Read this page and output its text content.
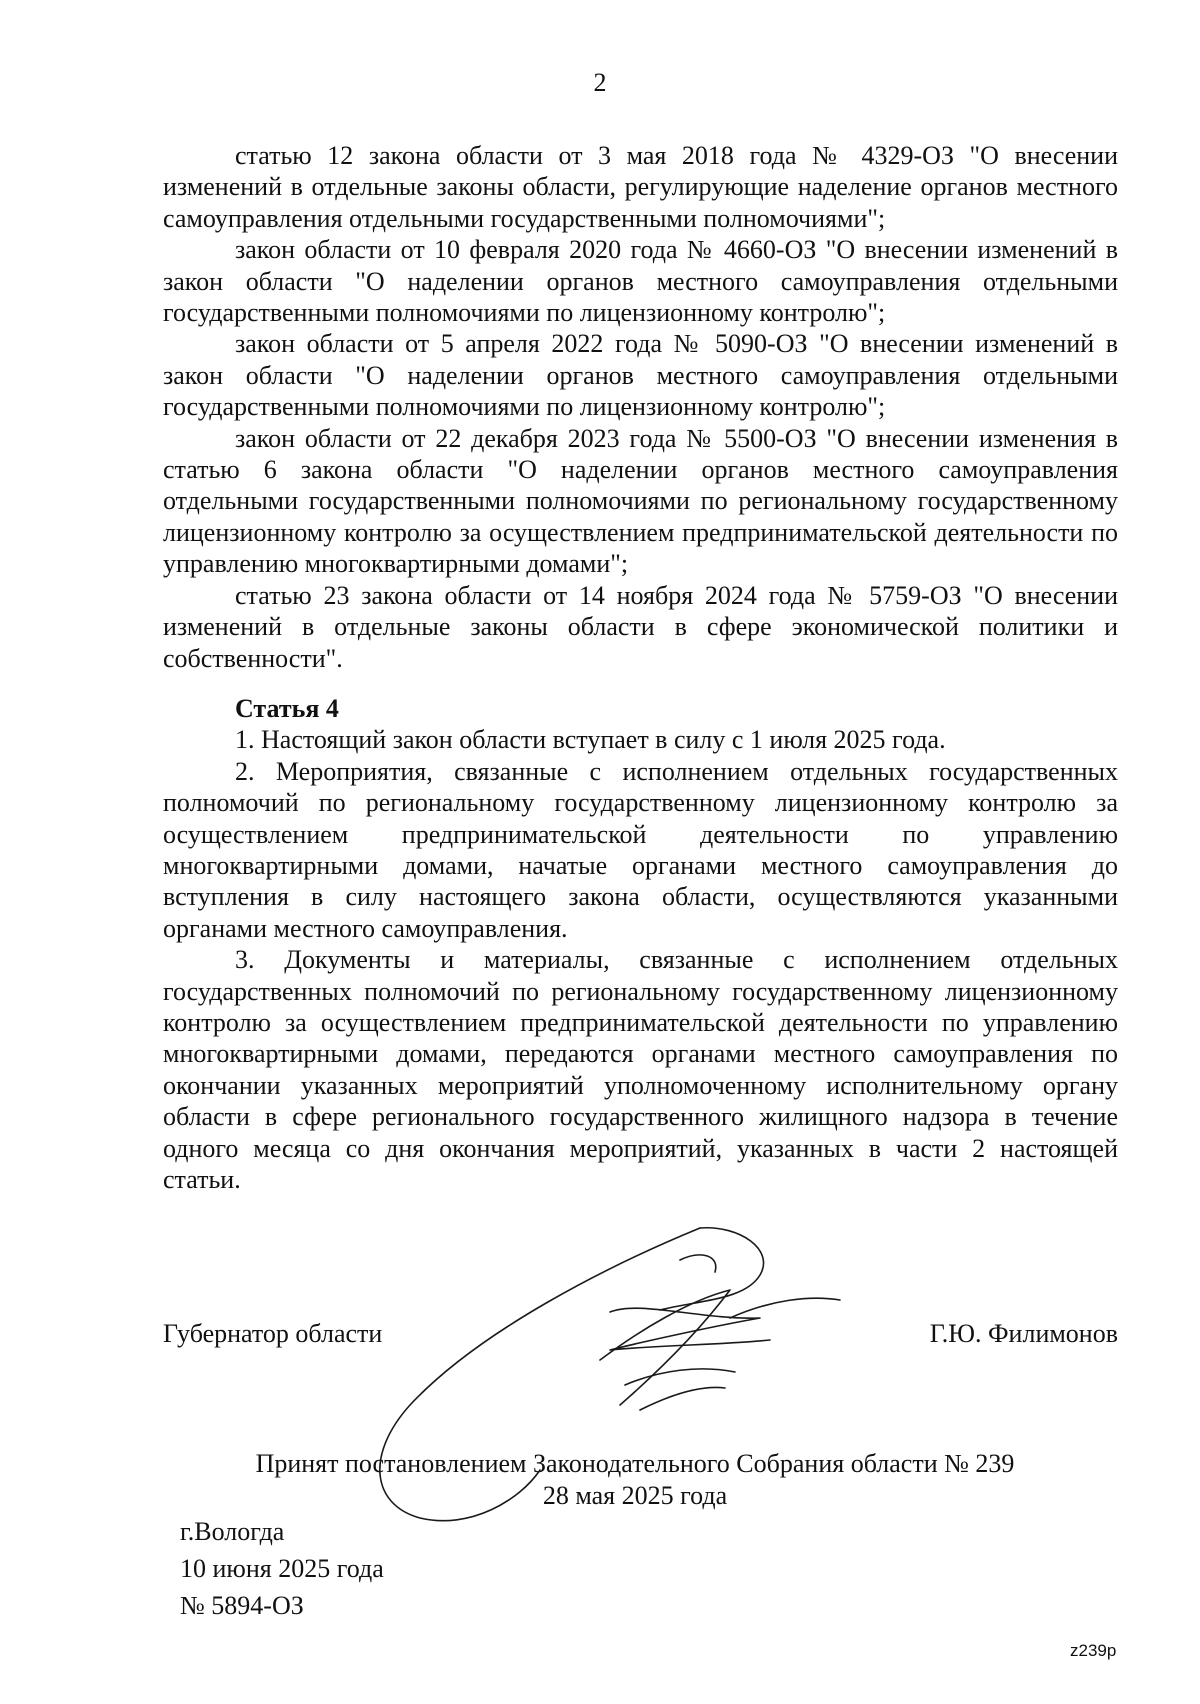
2

статью 12 закона области от 3 мая 2018 года № 4329-ОЗ "О внесении изменений в отдельные законы области, регулирующие наделение органов местного самоуправления отдельными государственными полномочиями";

закон области от 10 февраля 2020 года № 4660-ОЗ "О внесении изменений в закон области "О наделении органов местного самоуправления отдельными государственными полномочиями по лицензионному контролю";

закон области от 5 апреля 2022 года № 5090-ОЗ "О внесении изменений в закон области "О наделении органов местного самоуправления отдельными государственными полномочиями по лицензионному контролю";

закон области от 22 декабря 2023 года № 5500-ОЗ "О внесении изменения в статью 6 закона области "О наделении органов местного самоуправления отдельными государственными полномочиями по региональному государственному лицензионному контролю за осуществлением предпринимательской деятельности по управлению многоквартирными домами";

статью 23 закона области от 14 ноября 2024 года № 5759-ОЗ "О внесении изменений в отдельные законы области в сфере экономической политики и собственности".

Статья 4

1. Настоящий закон области вступает в силу с 1 июля 2025 года.

2. Мероприятия, связанные с исполнением отдельных государственных полномочий по региональному государственному лицензионному контролю за осуществлением предпринимательской деятельности по управлению многоквартирными домами, начатые органами местного самоуправления до вступления в силу настоящего закона области, осуществляются указанными органами местного самоуправления.

3. Документы и материалы, связанные с исполнением отдельных государственных полномочий по региональному государственному лицензионному контролю за осуществлением предпринимательской деятельности по управлению многоквартирными домами, передаются органами местного самоуправления по окончании указанных мероприятий уполномоченному исполнительному органу области в сфере регионального государственного жилищного надзора в течение одного месяца со дня окончания мероприятий, указанных в части 2 настоящей статьи.

Губернатор области	Г.Ю. Филимонов
Принят постановлением Законодательного Собрания области № 239
28 мая 2025 года
г.Вологда
10 июня 2025 года
№ 5894-ОЗ
z239р
